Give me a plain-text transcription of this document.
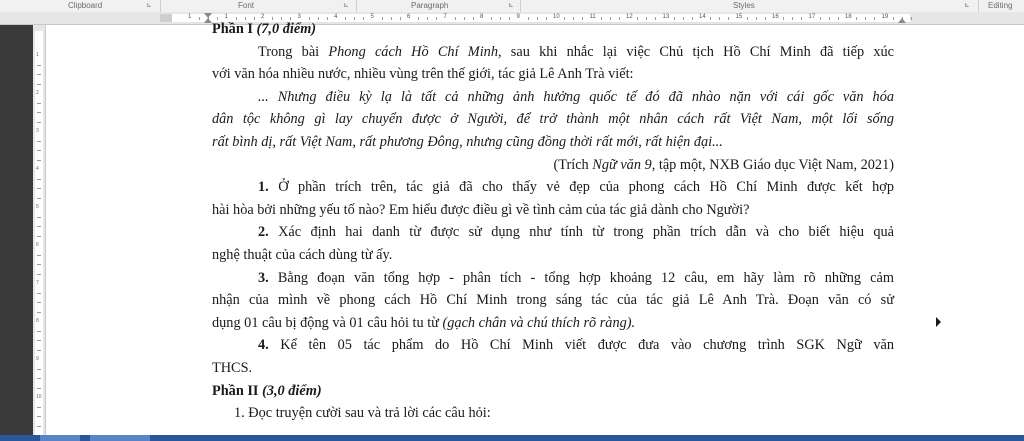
Clipboard	⊾	Font	⊾	Paragraph	⊾	Styles	⊾ Editing
1	1	2	3	4	5	6	7	8	9	10	11	12	13	14	15	16	17	18	19
1
2
3
4
5
6
7
8
9
10
Phần I (7,0 điểm)
Trong bài Phong cách Hồ Chí Minh, sau khi nhắc lại việc Chủ tịch Hồ Chí Minh đã tiếp xúc
với văn hóa nhiều nước, nhiều vùng trên thế giới, tác giả Lê Anh Trà viết:
... Nhưng điều kỳ lạ là tất cả những ảnh hưởng quốc tế đó đã nhào nặn với cái gốc văn hóa
dân tộc không gì lay chuyển được ở Người, để trở thành một nhân cách rất Việt Nam, một lối sống
rất bình dị, rất Việt Nam, rất phương Đông, nhưng cũng đồng thời rất mới, rất hiện đại...
(Trích Ngữ văn 9, tập một, NXB Giáo dục Việt Nam, 2021)
1. Ở phần trích trên, tác giả đã cho thấy vẻ đẹp của phong cách Hồ Chí Minh được kết hợp
hài hòa bởi những yếu tố nào? Em hiểu được điều gì về tình cảm của tác giả dành cho Người?
2. Xác định hai danh từ được sử dụng như tính từ trong phần trích dẫn và cho biết hiệu quả
nghệ thuật của cách dùng từ ấy.
3. Bằng đoạn văn tổng hợp - phân tích - tổng hợp khoảng 12 câu, em hãy làm rõ những cảm
nhận của mình về phong cách Hồ Chí Minh trong sáng tác của tác giả Lê Anh Trà. Đoạn văn có sử
dụng 01 câu bị động và 01 câu hỏi tu từ (gạch chân và chú thích rõ ràng).
4. Kể tên 05 tác phẩm do Hồ Chí Minh viết được đưa vào chương trình SGK Ngữ văn
THCS.
Phần II (3,0 điểm)
1. Đọc truyện cười sau và trả lời các câu hỏi:
